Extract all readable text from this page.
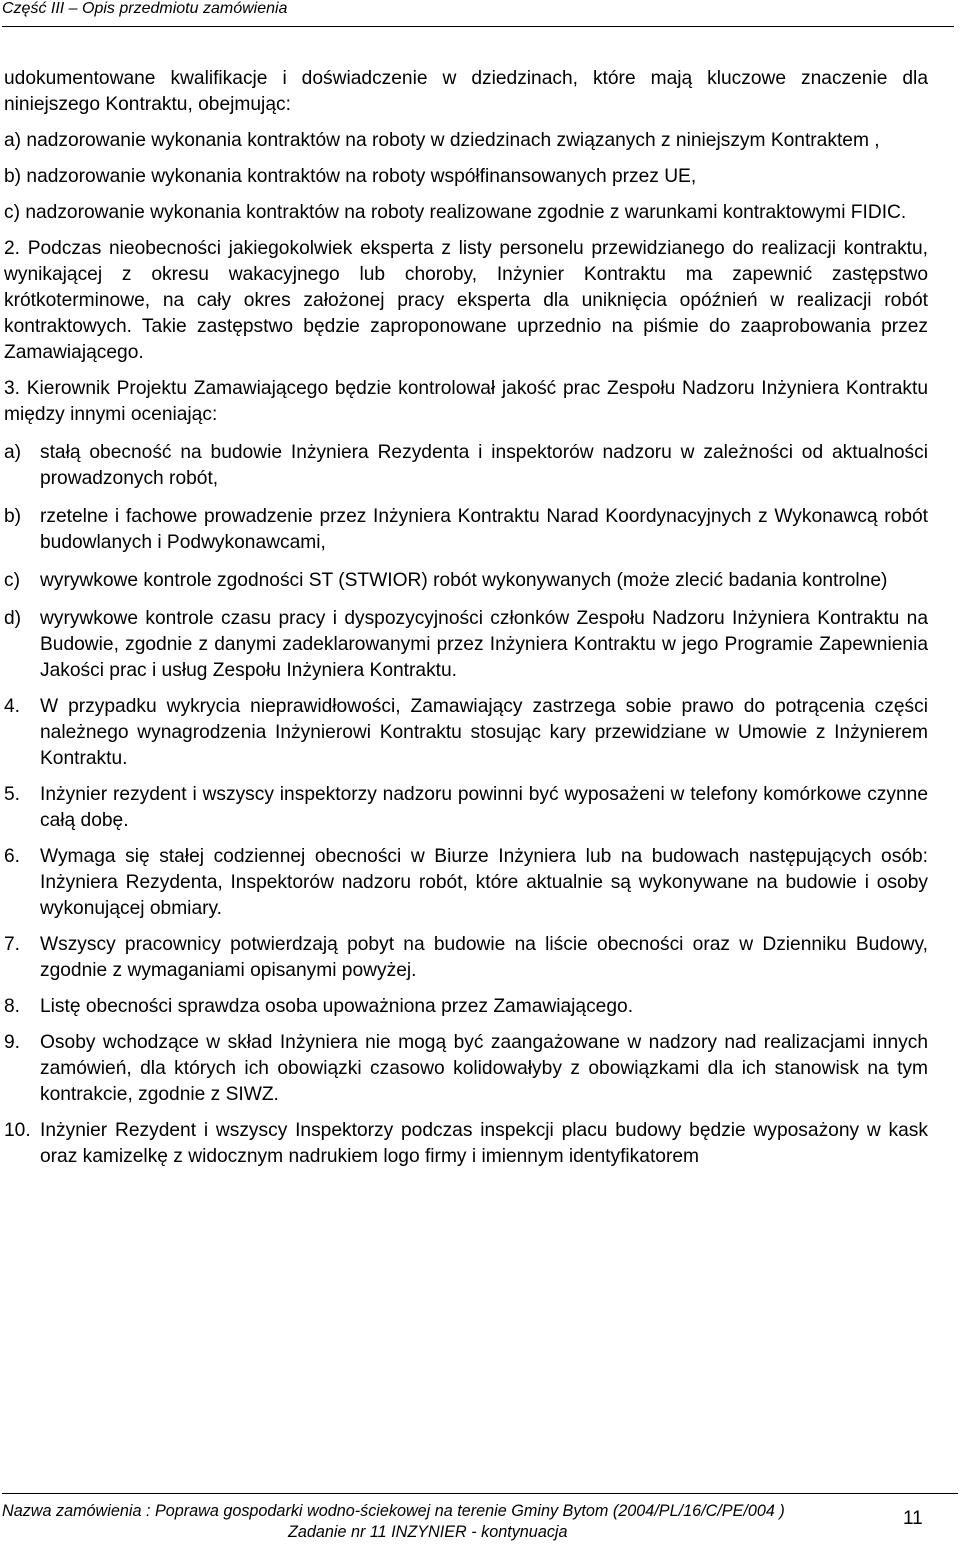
Część III – Opis przedmiotu zamówienia

udokumentowane kwalifikacje i doświadczenie w dziedzinach, które mają kluczowe znaczenie dla niniejszego Kontraktu, obejmując:

a) nadzorowanie wykonania kontraktów na roboty w dziedzinach związanych z niniejszym Kontraktem ,

b) nadzorowanie wykonania kontraktów na roboty współfinansowanych przez UE,

c) nadzorowanie wykonania kontraktów na roboty realizowane zgodnie z warunkami kontraktowymi FIDIC.

2. Podczas nieobecności jakiegokolwiek eksperta z listy personelu przewidzianego do realizacji kontraktu, wynikającej z okresu wakacyjnego lub choroby, Inżynier Kontraktu ma zapewnić zastępstwo krótkoterminowe, na cały okres założonej pracy eksperta dla uniknięcia opóźnień w realizacji robót kontraktowych. Takie zastępstwo będzie zaproponowane uprzednio na piśmie do zaaprobowania przez Zamawiającego.

3. Kierownik Projektu Zamawiającego będzie kontrolował jakość prac Zespołu Nadzoru Inżyniera Kontraktu między innymi oceniając:

a) stałą obecność na budowie Inżyniera Rezydenta i inspektorów nadzoru w zależności od aktualności prowadzonych robót,
b) rzetelne i fachowe prowadzenie przez Inżyniera Kontraktu Narad Koordynacyjnych z Wykonawcą robót budowlanych i Podwykonawcami,
c)	wyrywkowe kontrole zgodności ST (STWIOR) robót wykonywanych (może zlecić badania kontrolne)
d) wyrywkowe kontrole czasu pracy i dyspozycyjności członków Zespołu Nadzoru Inżyniera Kontraktu na Budowie, zgodnie z danymi zadeklarowanymi przez Inżyniera Kontraktu w jego Programie Zapewnienia Jakości prac i usług Zespołu Inżyniera Kontraktu.
4.	W przypadku wykrycia nieprawidłowości, Zamawiający zastrzega sobie prawo do potrącenia części należnego wynagrodzenia Inżynierowi Kontraktu stosując kary przewidziane w Umowie z Inżynierem Kontraktu.
5.	Inżynier rezydent i wszyscy inspektorzy nadzoru powinni być wyposażeni w telefony komórkowe czynne całą dobę.
6.	Wymaga się stałej codziennej obecności w Biurze Inżyniera lub na budowach następujących osób: Inżyniera Rezydenta, Inspektorów nadzoru robót, które aktualnie są wykonywane na budowie i osoby wykonującej obmiary.
7.	Wszyscy pracownicy potwierdzają pobyt na budowie na liście obecności oraz w Dzienniku Budowy, zgodnie z wymaganiami opisanymi powyżej.
8.	Listę obecności sprawdza osoba upoważniona przez Zamawiającego.
9.	Osoby wchodzące w skład Inżyniera nie mogą być zaangażowane w nadzory nad realizacjami innych zamówień, dla których ich obowiązki czasowo kolidowałyby z obowiązkami dla ich stanowisk na tym kontrakcie, zgodnie z SIWZ.
10. Inżynier Rezydent i wszyscy Inspektorzy podczas inspekcji placu budowy będzie wyposażony w kask oraz kamizelkę z widocznym nadrukiem logo firmy i imiennym identyfikatorem
Nazwa zamówienia : Poprawa gospodarki wodno-ściekowej na terenie Gminy Bytom (2004/PL/16/C/PE/004 )
Zadanie nr 11 INZYNIER - kontynuacja
11
